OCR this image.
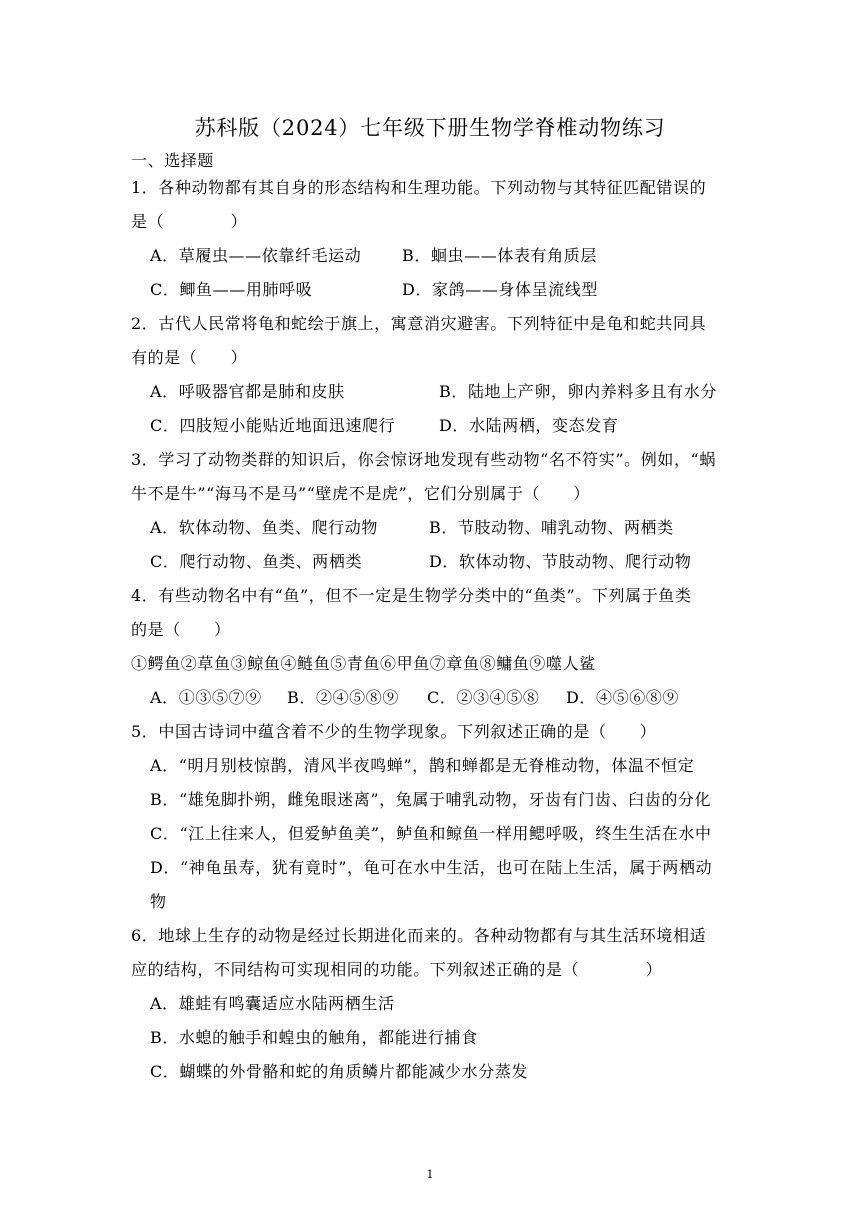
苏科版（2024）七年级下册生物学脊椎动物练习
一、选择题
1．各种动物都有其自身的形态结构和生理功能。下列动物与其特征匹配错误的
是（　　　　）
A．草履虫——依靠纤毛运动	B．蛔虫——体表有角质层
C．鲫鱼——用肺呼吸	D．家鸽——身体呈流线型
2．古代人民常将龟和蛇绘于旗上，寓意消灾避害。下列特征中是龟和蛇共同具
有的是（　　）
A．呼吸器官都是肺和皮肤	B．陆地上产卵，卵内养料多且有水分
C．四肢短小能贴近地面迅速爬行	D．水陆两栖，变态发育
3．学习了动物类群的知识后，你会惊讶地发现有些动物“名不符实”。例如，“蜗
牛不是牛”“海马不是马”“壁虎不是虎”，它们分别属于（　　）
A．软体动物、鱼类、爬行动物	B．节肢动物、哺乳动物、两栖类
C．爬行动物、鱼类、两栖类	D．软体动物、节肢动物、爬行动物
4．有些动物名中有“鱼”，但不一定是生物学分类中的“鱼类”。下列属于鱼类
的是（　　）
①鳄鱼②草鱼③鲸鱼④鲢鱼⑤青鱼⑥甲鱼⑦章鱼⑧鳙鱼⑨噬人鲨
A．①③⑤⑦⑨ B．②④⑤⑧⑨ C．②③④⑤⑧ D．④⑤⑥⑧⑨
5．中国古诗词中蕴含着不少的生物学现象。下列叙述正确的是（　　）
A．“明月别枝惊鹊，清风半夜鸣蝉”，鹊和蝉都是无脊椎动物，体温不恒定
B．“雄兔脚扑朔，雌兔眼迷离”，兔属于哺乳动物，牙齿有门齿、臼齿的分化
C．“江上往来人，但爱鲈鱼美”，鲈鱼和鲸鱼一样用鳃呼吸，终生生活在水中
D．“神龟虽寿，犹有竟时”，龟可在水中生活，也可在陆上生活，属于两栖动
物
6．地球上生存的动物是经过长期进化而来的。各种动物都有与其生活环境相适
应的结构，不同结构可实现相同的功能。下列叙述正确的是（　　　　）
A．雄蛙有鸣囊适应水陆两栖生活
B．水螅的触手和蝗虫的触角，都能进行捕食
C．蝴蝶的外骨骼和蛇的角质鳞片都能减少水分蒸发
1
